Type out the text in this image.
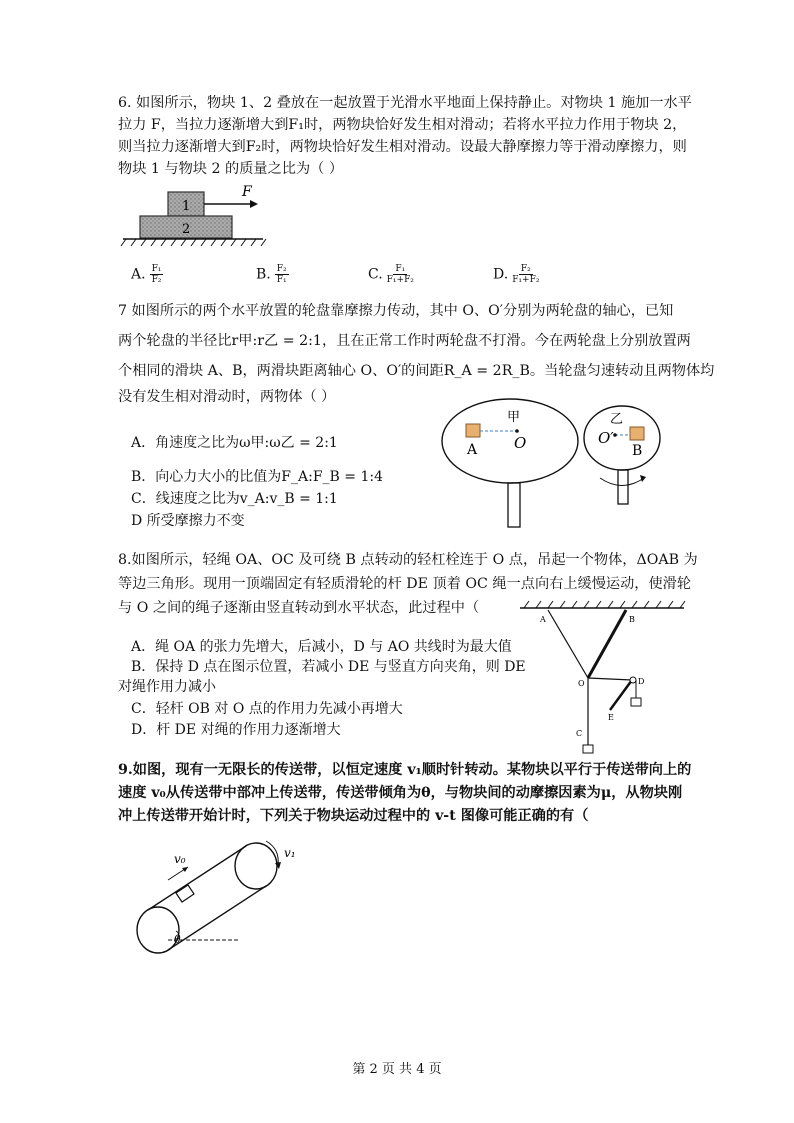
6. 如图所示，物块 1、2 叠放在一起放置于光滑水平地面上保持静止。对物块 1 施加一水平
拉力 F，当拉力逐渐增大到F₁时，两物块恰好发生相对滑动；若将水平拉力作用于物块 2，
则当拉力逐渐增大到F₂时，两物块恰好发生相对滑动。设最大静摩擦力等于滑动摩擦力，则
物块 1 与物块 2 的质量之比为（ ）
1
2
F
A. $\frac{\text{F₁}}{\text{F₂}}$	B. $\frac{\text{F₂}}{\text{F₁}}$	C. $\frac{\text{F₁}}{\text{F₁+F₂}}$	D. $\frac{\text{F₂}}{\text{F₁+F₂}}$
7 如图所示的两个水平放置的轮盘靠摩擦力传动，其中 O、O′分别为两轮盘的轴心，已知
两个轮盘的半径比r甲:r乙 = 2:1，且在正常工作时两轮盘不打滑。今在两轮盘上分别放置两
个相同的滑块 A、B，两滑块距离轴心 O、O′的间距R_A = 2R_B。当轮盘匀速转动且两物体均
没有发生相对滑动时，两物体（ ）
A．角速度之比为ω甲:ω乙 = 2:1
B．向心力大小的比值为F_A:F_B = 1:4
C．线速度之比为v_A:v_B = 1:1
D 所受摩擦力不变
甲	乙
O	O′
A	B
8.如图所示，轻绳 OA、OC 及可绕 B 点转动的轻杠栓连于 O 点，吊起一个物体，ΔOAB 为
等边三角形。现用一顶端固定有轻质滑轮的杆 DE 顶着 OC 绳一点向右上缓慢运动，使滑轮
与 O 之间的绳子逐渐由竖直转动到水平状态，此过程中（
A．绳 OA 的张力先增大，后减小，D 与 AO 共线时为最大值
B．保持 D 点在图示位置，若减小 DE 与竖直方向夹角，则 DE
对绳作用力减小
C．轻杆 OB 对 O 点的作用力先减小再增大
D．杆 DE 对绳的作用力逐渐增大
A	B
O	D
E
C
9.如图，现有一无限长的传送带，以恒定速度 v₁顺时针转动。某物块以平行于传送带向上的
速度 v₀从传送带中部冲上传送带，传送带倾角为θ，与物块间的动摩擦因素为μ，从物块刚
冲上传送带开始计时，下列关于物块运动过程中的 v-t 图像可能正确的有（
v₀	v₁
θ
第 2 页 共 4 页
